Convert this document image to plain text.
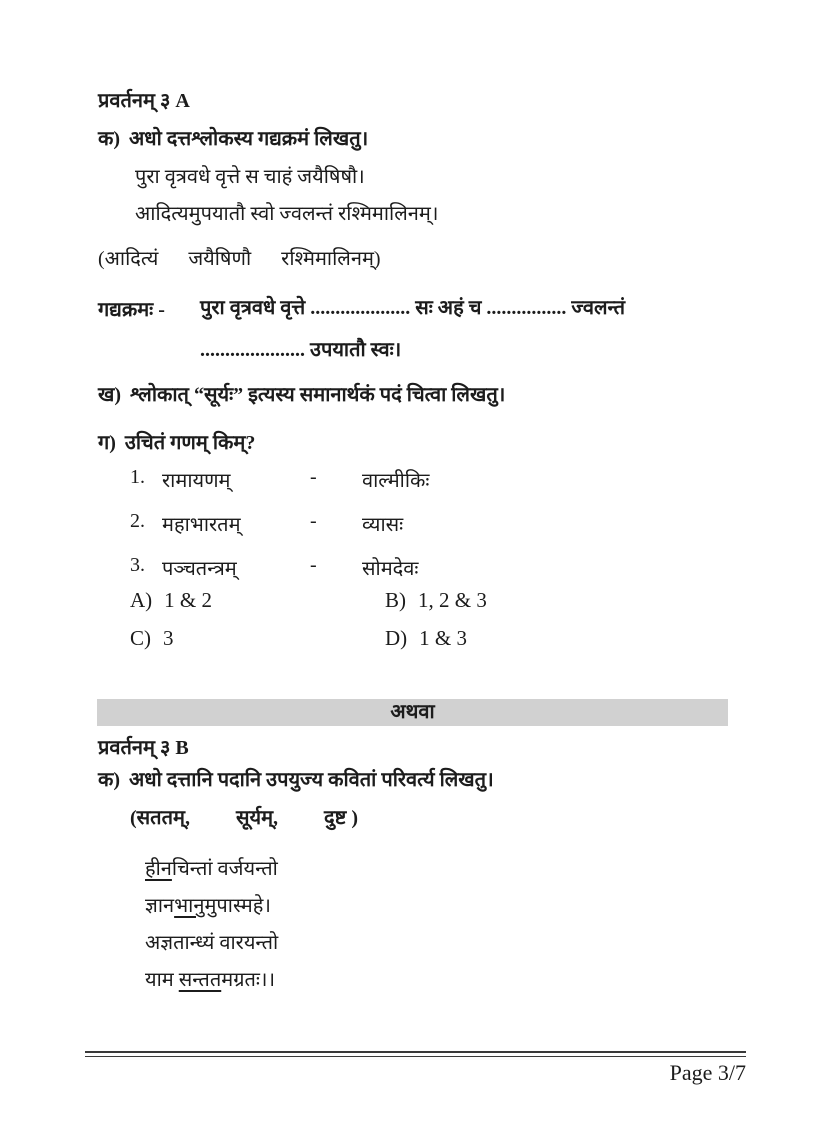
प्रवर्तनम् ३ A
क) अधो दत्तश्लोकस्य गद्यक्रमं लिखतु।
पुरा वृत्रवधे वृत्ते स चाहं जयैषिषौ।
आदित्यमुपयातौ स्वो ज्वलन्तं रश्मिमालिनम्।
(आदित्यं जयैषिणौ रश्मिमालिनम्)
गद्यक्रमः - पुरा वृत्रवधे वृत्ते .................... सः अहं च ................ ज्वलन्तं
..................... उपयातौ स्वः।
ख) श्लोकात् “सूर्यः” इत्यस्य समानार्थकं पदं चित्वा लिखतु।
ग) उचितं गणम् किम्?
1. रामायणम्	-	वाल्मीकिः
2. महाभारतम्	-	व्यासः
3. पञ्चतन्त्रम्	-	सोमदेवः
A) 1 & 2	B) 1, 2 & 3
C) 3	D) 1 & 3
अथवा
प्रवर्तनम् ३ B
क) अधो दत्तानि पदानि उपयुज्य कवितां परिवर्त्य लिखतु।
(सततम्, सूर्यम्, दुष्ट )
हीनचिन्तां वर्जयन्तो
ज्ञानभानुमुपास्महे।
अज्ञतान्ध्यं वारयन्तो
याम सन्ततमग्रतः।।
Page 3/7
